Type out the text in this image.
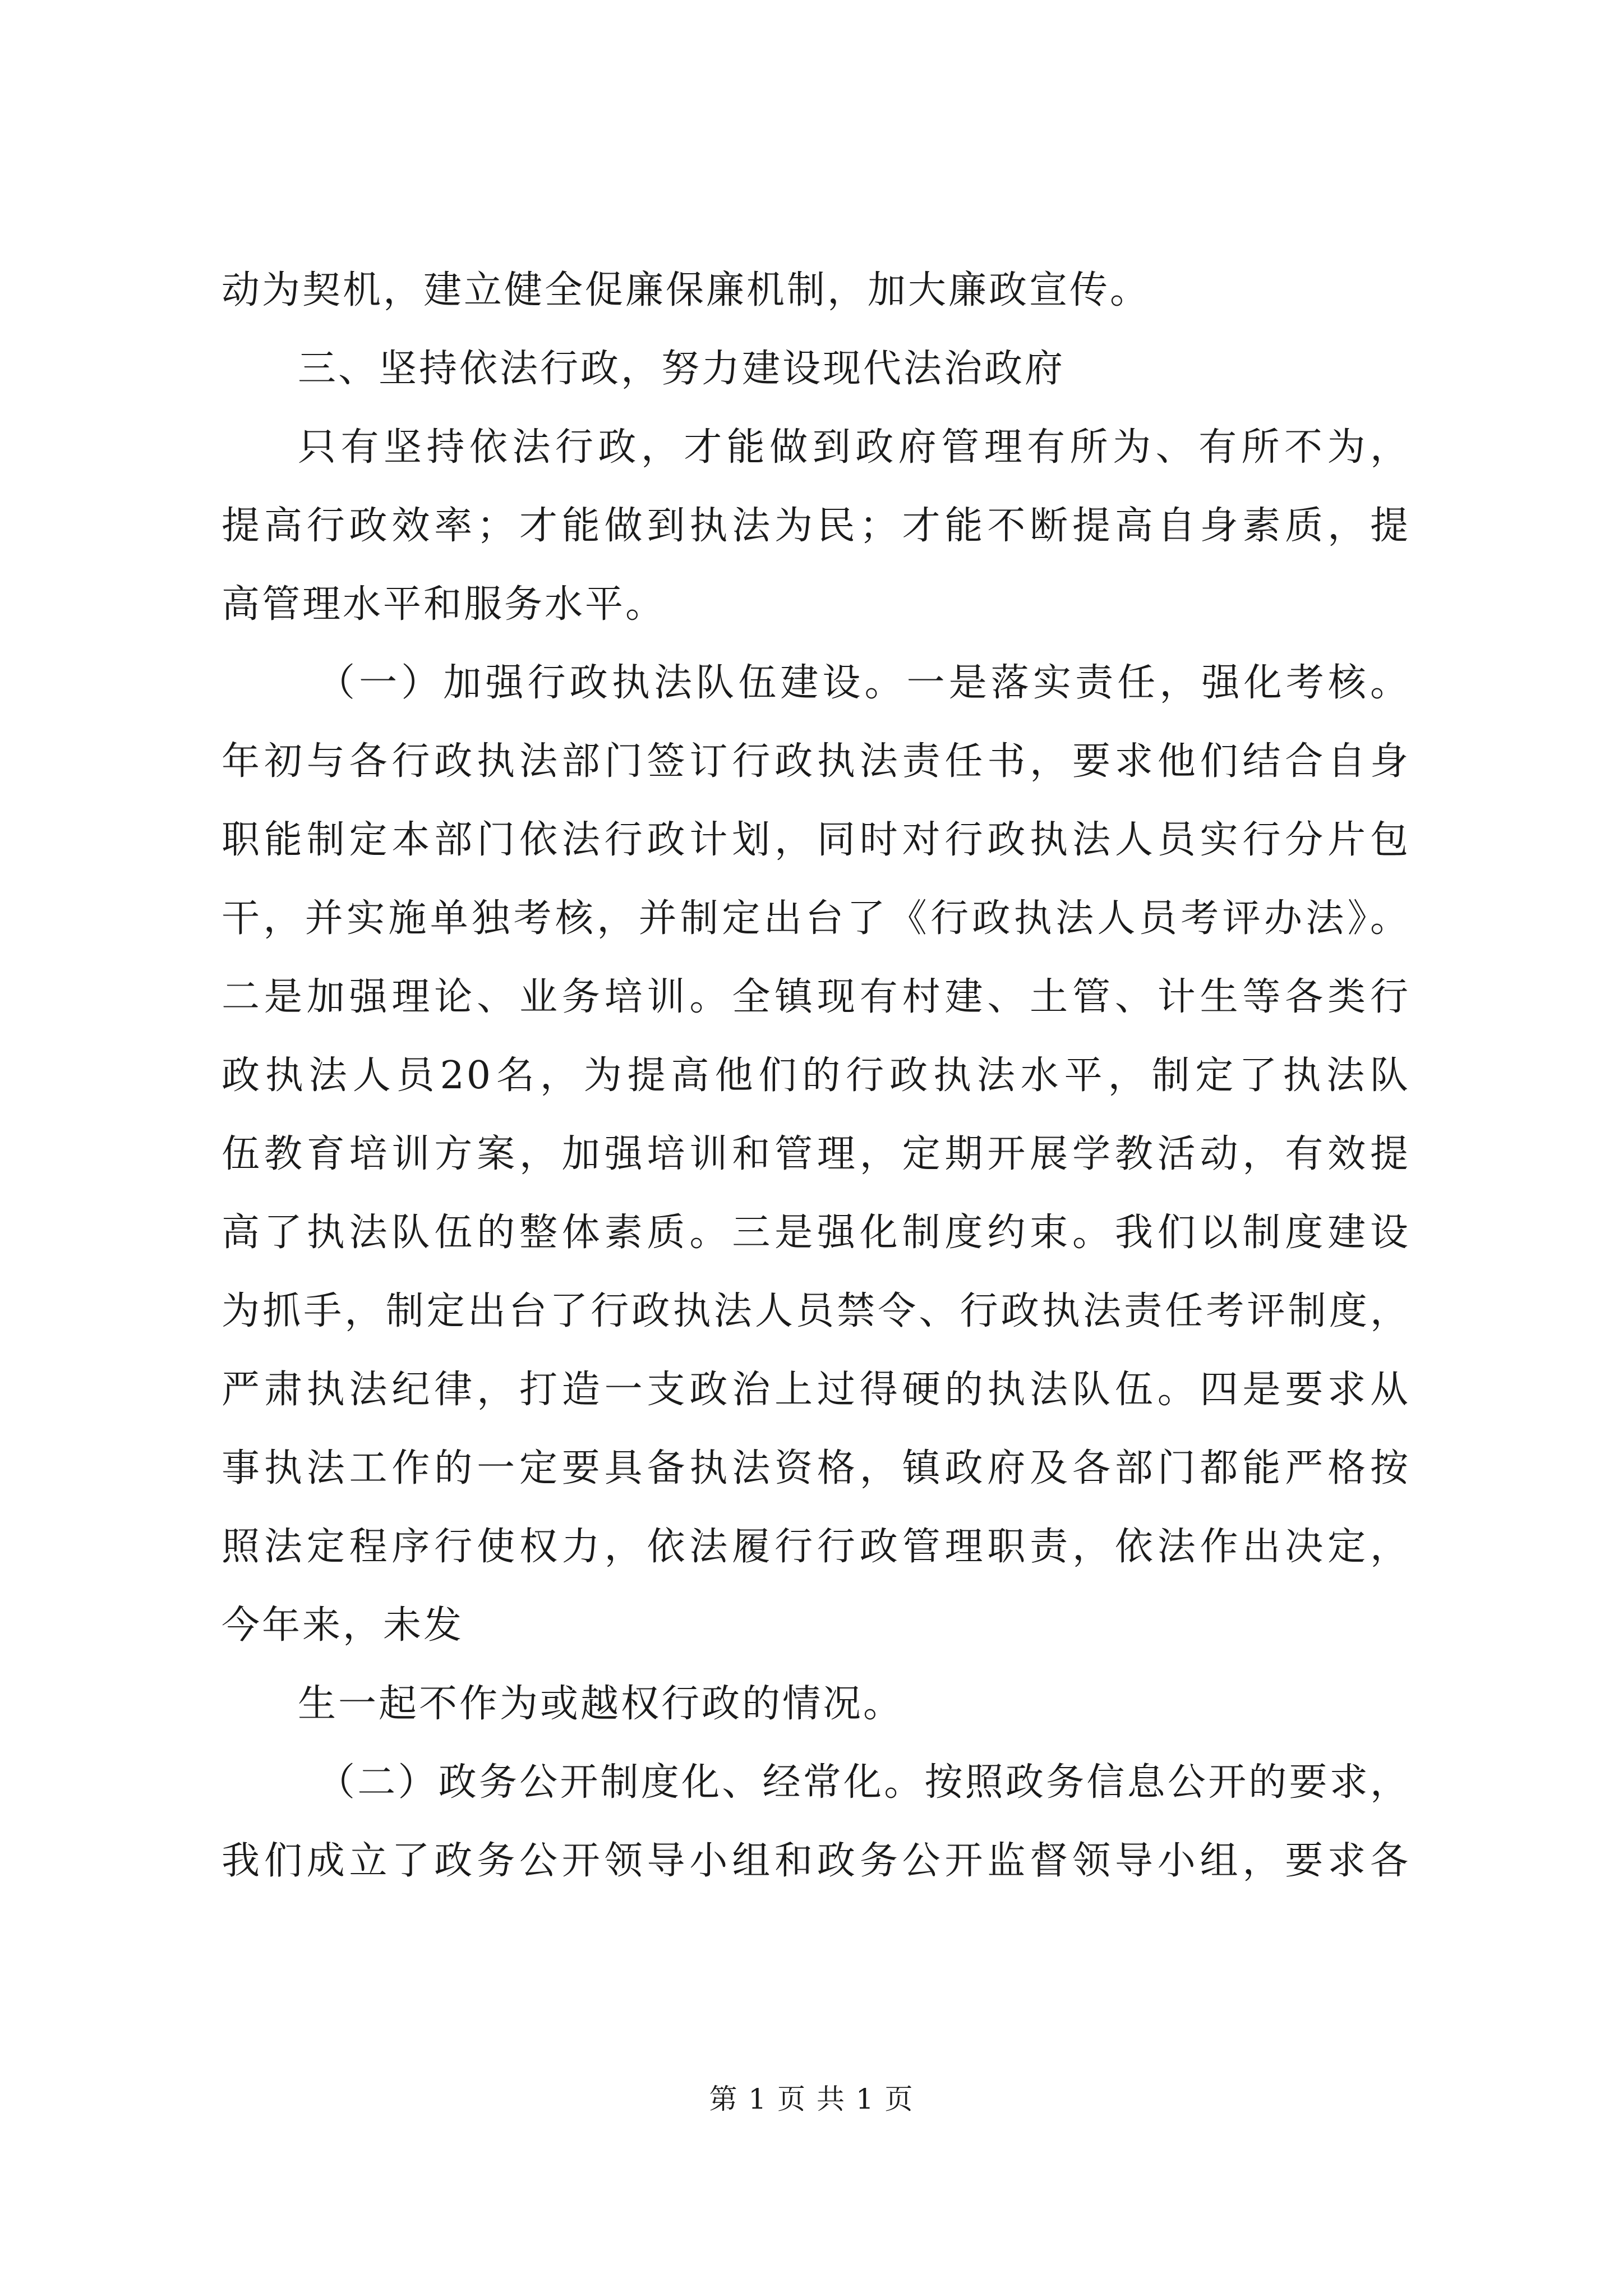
动为契机，建立健全促廉保廉机制，加大廉政宣传。
三、坚持依法行政，努力建设现代法治政府
只有坚持依法行政，才能做到政府管理有所为、有所不为，
提高行政效率；才能做到执法为民；才能不断提高自身素质，提
高管理水平和服务水平。
（一）加强行政执法队伍建设。一是落实责任，强化考核。
年初与各行政执法部门签订行政执法责任书，要求他们结合自身
职能制定本部门依法行政计划，同时对行政执法人员实行分片包
干，并实施单独考核，并制定出台了《行政执法人员考评办法》。
二是加强理论、业务培训。全镇现有村建、土管、计生等各类行
政执法人员20名，为提高他们的行政执法水平，制定了执法队
伍教育培训方案，加强培训和管理，定期开展学教活动，有效提
高了执法队伍的整体素质。三是强化制度约束。我们以制度建设
为抓手，制定出台了行政执法人员禁令、行政执法责任考评制度，
严肃执法纪律，打造一支政治上过得硬的执法队伍。四是要求从
事执法工作的一定要具备执法资格，镇政府及各部门都能严格按
照法定程序行使权力，依法履行行政管理职责，依法作出决定，
今年来，未发
生一起不作为或越权行政的情况。
（二）政务公开制度化、经常化。按照政务信息公开的要求，
我们成立了政务公开领导小组和政务公开监督领导小组，要求各
第 1 页 共 1 页
